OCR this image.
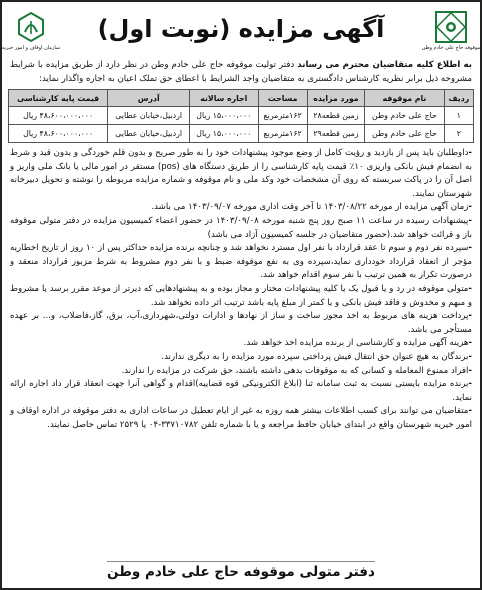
موقوفه حاج علی خادم وطن
آگهی مزایده (نوبت اول)
سازمان اوقاف و امور خیریه
به اطلاع کلیه متقاضیان محترم می رساند دفتر تولیت موقوفه حاج علی خادم وطن در نظر دارد از طریق مزایده با شرایط مشروحه ذیل برابر نظریه کارشناس دادگستری به متقاضیان واجد الشرایط با اعطای حق تملک اعیان به اجاره واگذار نماید:
ردیف	نام موقوفه	مورد مزایده	مساحت	اجاره سالانه	آدرس	قیمت پایه کارشناسی
۱	حاج علی خادم وطن	زمین قطعه۲۸	۱۶۲مترمربع	۱۵،۰۰۰،۰۰۰ ریال	اردبیل،خیابان عطایی	۴۸،۶۰۰،۰۰۰،۰۰۰ ریال
۲	حاج علی خادم وطن	زمین قطعه۲۹	۱۶۲مترمربع	۱۵،۰۰۰،۰۰۰ ریال	اردبیل،خیابان عطایی	۴۸،۶۰۰،۰۰۰،۰۰۰ ریال
-داوطلبان باید پس از بازدید و رؤیت کامل از وضع موجود پیشنهادات خود را به طور صریح و بدون قلم خوردگی و بدون قید و شرط به انضمام فیش بانکی واریزی ۱۰٪ قیمت پایه کارشناسی را از طریق دستگاه های (pos) مستقر در امور مالی یا بانک ملی واریز و اصل آن را در پاکت سربسته که روی آن مشخصات خود وکد ملی و نام موقوفه و شماره مزایده مربوطه را نوشته و تحویل دبیرخانه شهرستان نمایند.
-زمان آگهی مزایده از مورخه ۱۴۰۳/۰۸/۲۲ تا آخر وقت اداری مورخه ۱۴۰۳/۰۹/۰۷ می باشد.
-پیشنهادات رسیده در ساعت ۱۱ صبح روز پنج شنبه مورخه ۱۴۰۳/۰۹/۰۸ در حضور اعضاء کمیسیون مزایده در دفتر متولی موقوفه باز و قرائت خواهد شد.(حضور متقاضیان در جلسه کمیسیون آزاد می باشد)
-سپرده نفر دوم و سوم تا عقد قرارداد با نفر اول مسترد نخواهد شد و چنانچه برنده مزایده حداکثر پس از ۱۰ روز از تاریخ اخطاریه مؤجر از انعقاد قرارداد خودداری نماید،سپرده وی به نفع موقوفه ضبط و با نفر دوم مشروط به شرط مزبور قرارداد منعقد و درصورت تکرار به همین ترتیب با نفر سوم اقدام خواهد شد.
-متولی موقوفه در رد و یا قبول یک یا کلیه پیشنهادات مختار و مجاز بوده و به پیشنهادهایی که دیرتر از موعد مقرر برسد یا مشروط و مبهم و مخدوش و فاقد فیش بانکی و یا کمتر از مبلغ پایه باشد ترتیب اثر داده نخواهد شد.
-پرداخت هزینه های مربوط به اخذ مجوز ساخت و ساز از نهادها و ادارات دولتی،شهرداری،آب، برق، گاز،فاضلاب، و... بر عهده مستأجر می باشد.
-هزینه آگهی مزایده و کارشناسی از برنده مزایده اخذ خواهد شد.
-برندگان به هیچ عنوان حق انتقال فیش پرداختی سپرده مورد مزایده را به دیگری ندارند.
-افراد ممنوع المعامله و کسانی که به موقوفات بدهی داشته باشند، حق شرکت در مزایده را ندارند.
-برنده مزایده بایستی نسبت به ثبت سامانه ثنا (ابلاغ الکترونیکی قوه قضاییه)اقدام و گواهی آنرا جهت انعقاد قرار داد اجاره ارائه نماید.
-متقاضیان می توانند برای کسب اطلاعات بیشتر همه روزه به غیر از ایام تعطیل در ساعات اداری به دفتر موقوفه در اداره اوقاف و امور خیریه شهرستان واقع در ابتدای خیابان حافظ مراجعه و یا با شماره تلفن ۳۳۷۱۰۷۸۲-۰۴ یا ۲۵۲۹ تماس حاصل نمایند.
دفتر متولی موقوفه حاج علی خادم وطن
